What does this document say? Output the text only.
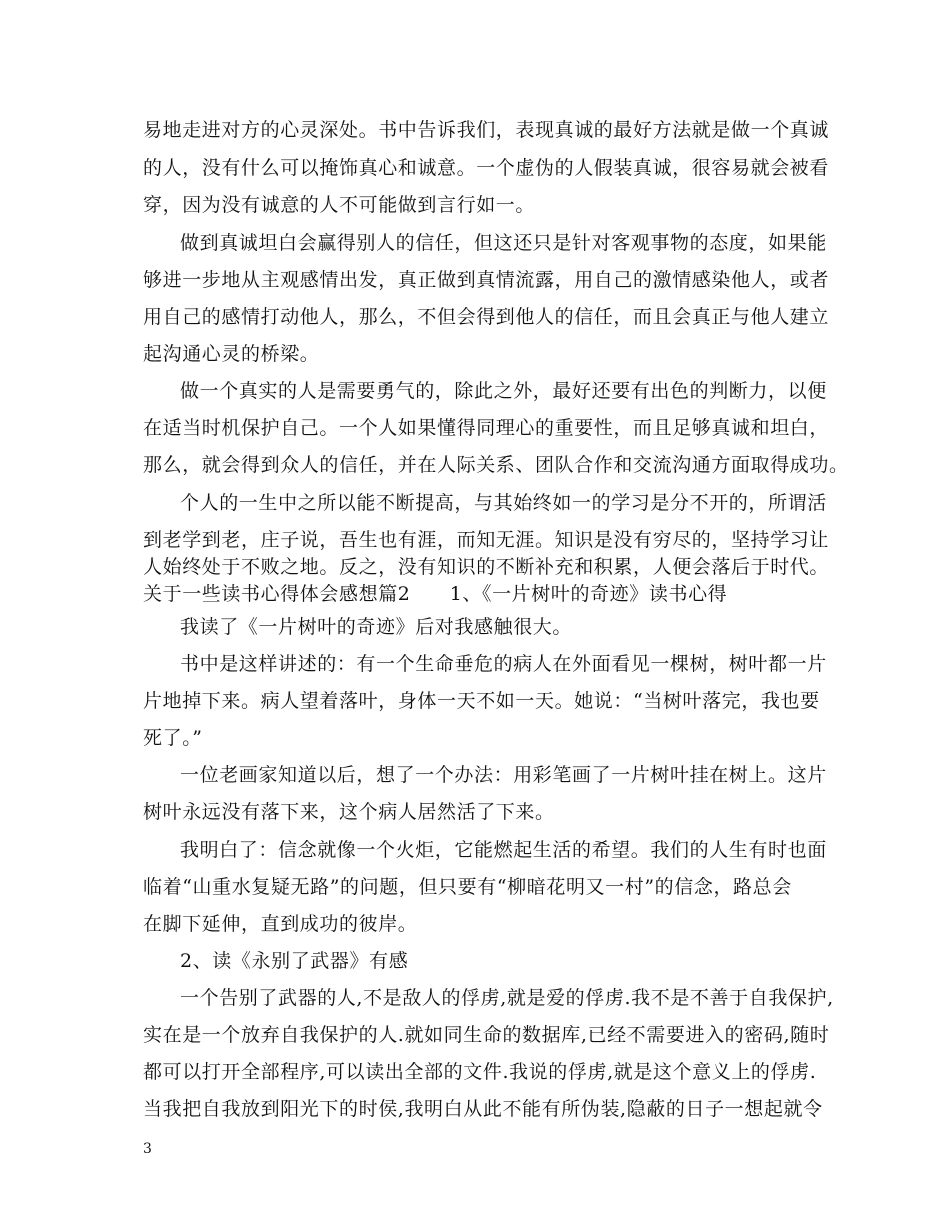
易地走进对方的心灵深处。书中告诉我们，表现真诚的最好方法就是做一个真诚
的人，没有什么可以掩饰真心和诚意。一个虚伪的人假装真诚，很容易就会被看
穿，因为没有诚意的人不可能做到言行如一。
做到真诚坦白会赢得别人的信任，但这还只是针对客观事物的态度，如果能
够进一步地从主观感情出发，真正做到真情流露，用自己的激情感染他人，或者
用自己的感情打动他人，那么，不但会得到他人的信任，而且会真正与他人建立
起沟通心灵的桥梁。
做一个真实的人是需要勇气的，除此之外，最好还要有出色的判断力，以便
在适当时机保护自己。一个人如果懂得同理心的重要性，而且足够真诚和坦白，
那么，就会得到众人的信任，并在人际关系、团队合作和交流沟通方面取得成功。
个人的一生中之所以能不断提高，与其始终如一的学习是分不开的，所谓活
到老学到老，庄子说，吾生也有涯，而知无涯。知识是没有穷尽的，坚持学习让
人始终处于不败之地。反之，没有知识的不断补充和积累，人便会落后于时代。
关于一些读书心得体会感想篇2　　1、《一片树叶的奇迹》读书心得
我读了《一片树叶的奇迹》后对我感触很大。
书中是这样讲述的：有一个生命垂危的病人在外面看见一棵树，树叶都一片
片地掉下来。病人望着落叶，身体一天不如一天。她说：“当树叶落完，我也要
死了。”
一位老画家知道以后，想了一个办法：用彩笔画了一片树叶挂在树上。这片
树叶永远没有落下来，这个病人居然活了下来。
我明白了：信念就像一个火炬，它能燃起生活的希望。我们的人生有时也面
临着“山重水复疑无路”的问题，但只要有“柳暗花明又一村”的信念，路总会
在脚下延伸，直到成功的彼岸。
2、读《永别了武器》有感
一个告别了武器的人,不是敌人的俘虏,就是爱的俘虏.我不是不善于自我保护,
实在是一个放弃自我保护的人.就如同生命的数据库,已经不需要进入的密码,随时
都可以打开全部程序,可以读出全部的文件.我说的俘虏,就是这个意义上的俘虏.
当我把自我放到阳光下的时侯,我明白从此不能有所伪装,隐蔽的日子一想起就令
3
